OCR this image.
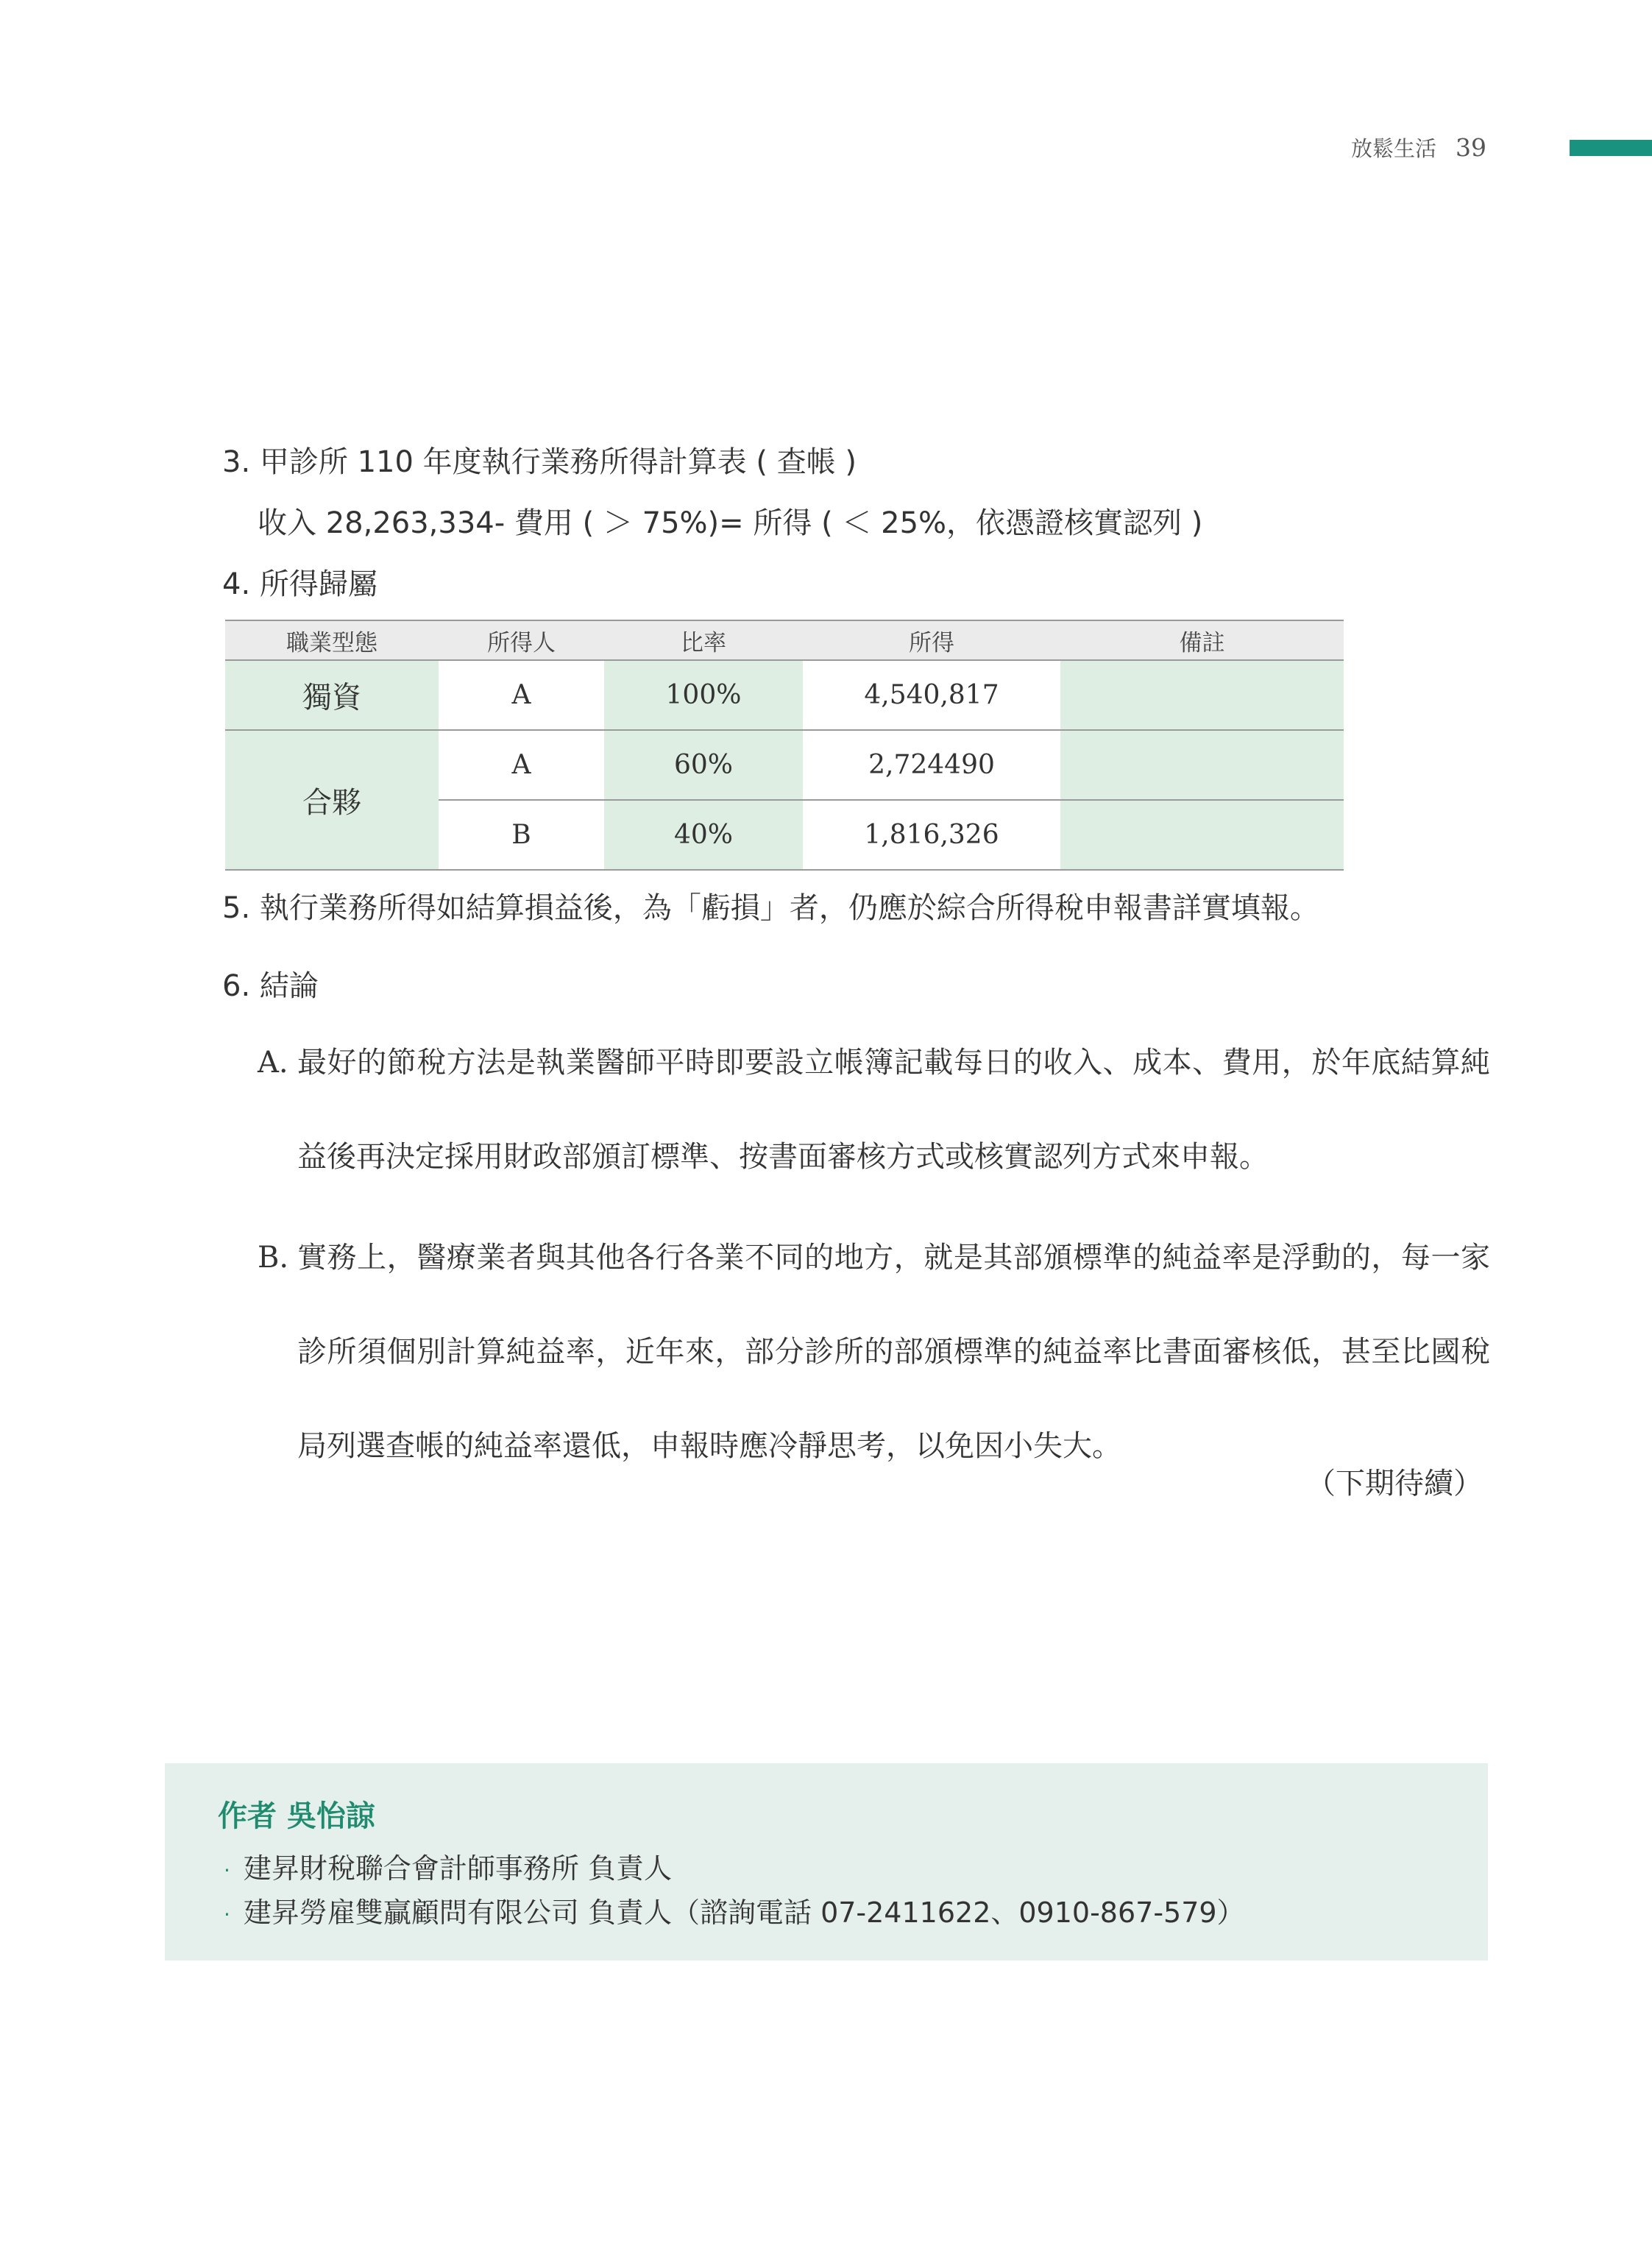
放鬆生活 39
3. 甲診所 110 年度執行業務所得計算表 ( 查帳 )
收入 28,263,334- 費用 ( ＞ 75%)= 所得 ( ＜ 25%，依憑證核實認列 )
4. 所得歸屬
職業型態	所得人	比率	所得	備註
獨資	A	100%	4,540,817	
合夥	A	60%	2,724490	
	B	40%	1,816,326	
5. 執行業務所得如結算損益後，為「虧損」者，仍應於綜合所得稅申報書詳實填報。
6. 結論
A. 最好的節稅方法是執業醫師平時即要設立帳簿記載每日的收入、成本、費用，於年底結算純益後再決定採用財政部頒訂標準、按書面審核方式或核實認列方式來申報。
B. 實務上，醫療業者與其他各行各業不同的地方，就是其部頒標準的純益率是浮動的，每一家診所須個別計算純益率，近年來，部分診所的部頒標準的純益率比書面審核低，甚至比國稅局列選查帳的純益率還低，申報時應冷靜思考，以免因小失大。
（下期待續）
作者 吳怡諒
· 建昇財稅聯合會計師事務所 負責人
· 建昇勞雇雙贏顧問有限公司 負責人（諮詢電話 07-2411622、0910-867-579）
